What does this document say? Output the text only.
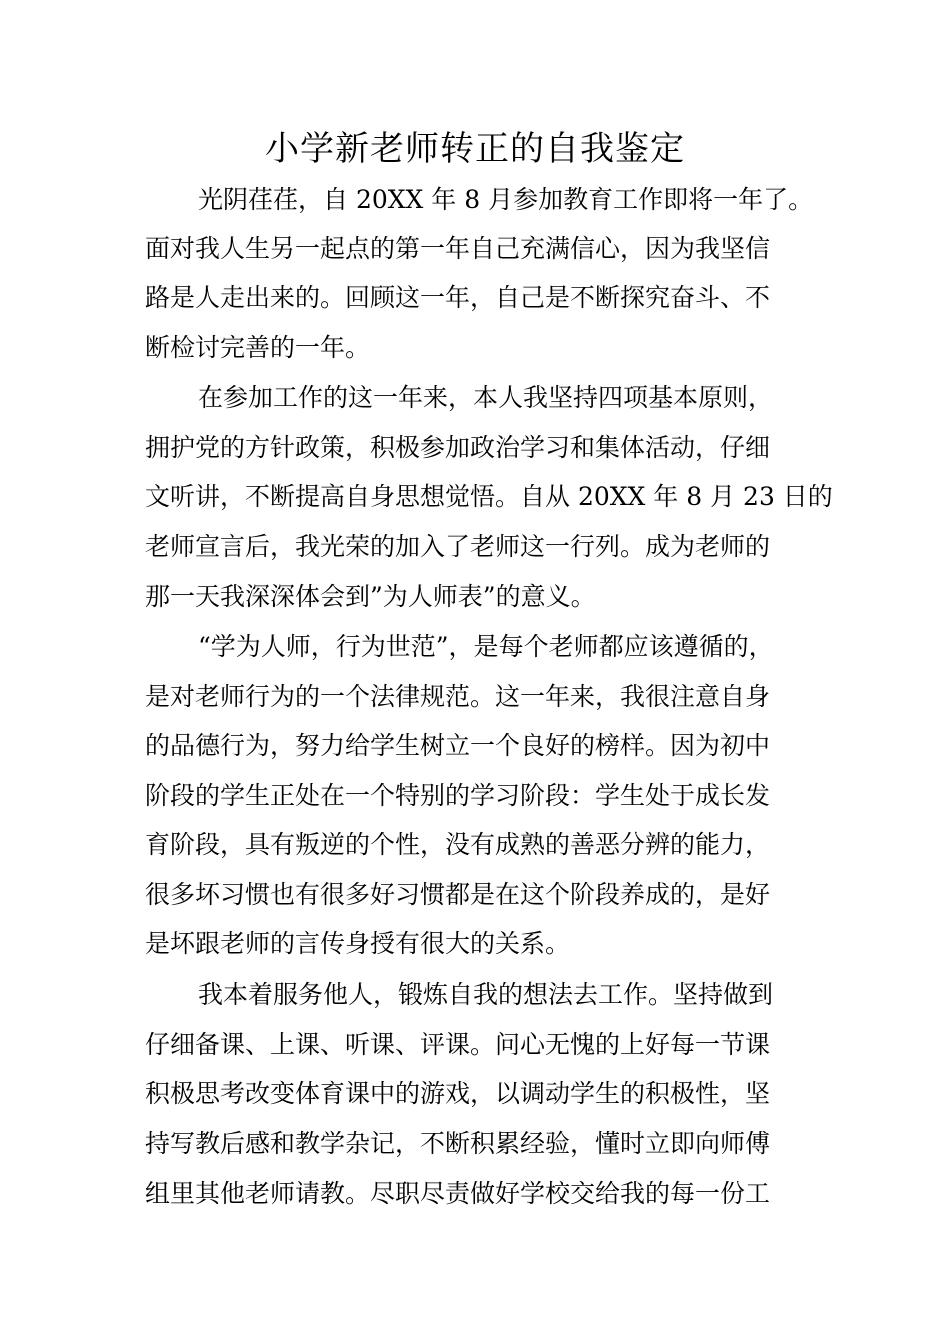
小学新老师转正的自我鉴定

光阴荏荏，自 20XX 年 8 月参加教育工作即将一年了。

面对我人生另一起点的第一年自己充满信心，因为我坚信

路是人走出来的。回顾这一年，自己是不断探究奋斗、不

断检讨完善的一年。

在参加工作的这一年来，本人我坚持四项基本原则，

拥护党的方针政策，积极参加政治学习和集体活动，仔细

文听讲，不断提高自身思想觉悟。自从 20XX 年 8 月 23 日的

老师宣言后，我光荣的加入了老师这一行列。成为老师的

那一天我深深体会到”为人师表”的意义。

“学为人师，行为世范”，是每个老师都应该遵循的，

是对老师行为的一个法律规范。这一年来，我很注意自身

的品德行为，努力给学生树立一个良好的榜样。因为初中

阶段的学生正处在一个特别的学习阶段：学生处于成长发

育阶段，具有叛逆的个性，没有成熟的善恶分辨的能力，

很多坏习惯也有很多好习惯都是在这个阶段养成的，是好

是坏跟老师的言传身授有很大的关系。

我本着服务他人，锻炼自我的想法去工作。坚持做到

仔细备课、上课、听课、评课。问心无愧的上好每一节课

积极思考改变体育课中的游戏，以调动学生的积极性，坚

持写教后感和教学杂记，不断积累经验，懂时立即向师傅

组里其他老师请教。尽职尽责做好学校交给我的每一份工
